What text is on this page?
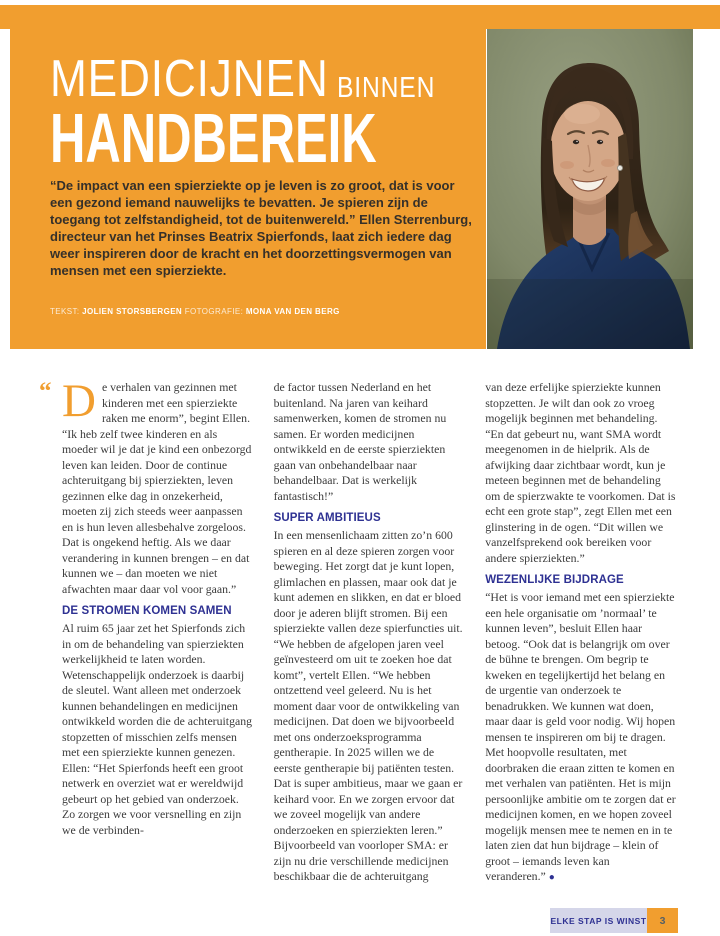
MEDICIJNEN BINNEN
HANDBEREIK

“De impact van een spierziekte op je leven is zo groot, dat is voor een gezond iemand nauwelijks te bevatten. Je spieren zijn de toegang tot zelfstandigheid, tot de buitenwereld.” Ellen Sterrenburg, directeur van het Prinses Beatrix Spierfonds, laat zich iedere dag weer inspireren door de kracht en het doorzettingsvermogen van mensen met een spierziekte.

TEKST: JOLIEN STORSBERGEN FOTOGRAFIE: MONA VAN DEN BERG

“ D e verhalen van gezinnen met kinderen met een spierziekte raken me enorm”, begint Ellen. “Ik heb zelf twee kinderen en als moeder wil je dat je kind een onbezorgd leven kan leiden. Door de continue achteruitgang bij spierziekten, leven gezinnen elke dag in onzekerheid, moeten zij zich steeds weer aanpassen en is hun leven allesbehalve zorgeloos. Dat is ongekend heftig. Als we daar verandering in kunnen brengen – en dat kunnen we – dan moeten we niet afwachten maar daar vol voor gaan.”

DE STROMEN KOMEN SAMEN

Al ruim 65 jaar zet het Spierfonds zich in om de behandeling van spierziekten werkelijkheid te laten worden. Wetenschappelijk onderzoek is daarbij de sleutel. Want alleen met onderzoek kunnen behandelingen en medicijnen ontwikkeld worden die de achteruitgang stopzetten of misschien zelfs mensen met een spierziekte kunnen genezen.

Ellen: “Het Spierfonds heeft een groot netwerk en overziet wat er wereldwijd gebeurt op het gebied van onderzoek. Zo zorgen we voor versnelling en zijn we de verbinden-

de factor tussen Nederland en het buitenland. Na jaren van keihard samenwerken, komen de stromen nu samen. Er worden medicijnen ontwikkeld en de eerste spierziekten gaan van onbehandelbaar naar behandelbaar. Dat is werkelijk fantastisch!”

SUPER AMBITIEUS

In een mensenlichaam zitten zo’n 600 spieren en al deze spieren zorgen voor beweging. Het zorgt dat je kunt lopen, glimlachen en plassen, maar ook dat je kunt ademen en slikken, en dat er bloed door je aderen blijft stromen. Bij een spierziekte vallen deze spierfuncties uit. “We hebben de afgelopen jaren veel geïnvesteerd om uit te zoeken hoe dat komt”, vertelt Ellen. “We hebben ontzettend veel geleerd. Nu is het moment daar voor de ontwikkeling van medicijnen. Dat doen we bijvoorbeeld met ons onderzoeksprogramma gentherapie. In 2025 willen we de eerste gentherapie bij patiënten testen. Dat is super ambitieus, maar we gaan er keihard voor. En we zorgen ervoor dat we zoveel mogelijk van andere onderzoeken en spierziekten leren.”

Bijvoorbeeld van voorloper SMA: er zijn nu drie verschillende medicijnen beschikbaar die de achteruitgang

van deze erfelijke spierziekte kunnen stopzetten. Je wilt dan ook zo vroeg mogelijk beginnen met behandeling. “En dat gebeurt nu, want SMA wordt meegenomen in de hielprik. Als de afwijking daar zichtbaar wordt, kun je meteen beginnen met de behandeling om de spierzwakte te voorkomen. Dat is echt een grote stap”, zegt Ellen met een glinstering in de ogen. “Dit willen we vanzelfsprekend ook bereiken voor andere spierziekten.”

WEZENLIJKE BIJDRAGE

“Het is voor iemand met een spierziekte een hele organisatie om ’normaal’ te kunnen leven”, besluit Ellen haar betoog. “Ook dat is belangrijk om over de bühne te brengen. Om begrip te kweken en tegelijkertijd het belang en de urgentie van onderzoek te benadrukken. We kunnen wat doen, maar daar is geld voor nodig. Wij hopen mensen te inspireren om bij te dragen. Met hoopvolle resultaten, met doorbraken die eraan zitten te komen en met verhalen van patiënten. Het is mijn persoonlijke ambitie om te zorgen dat er medicijnen komen, en we hopen zoveel mogelijk mensen mee te nemen en in te laten zien dat hun bijdrage – klein of groot – iemands leven kan veranderen.” ●

ELKE STAP IS WINST	3
